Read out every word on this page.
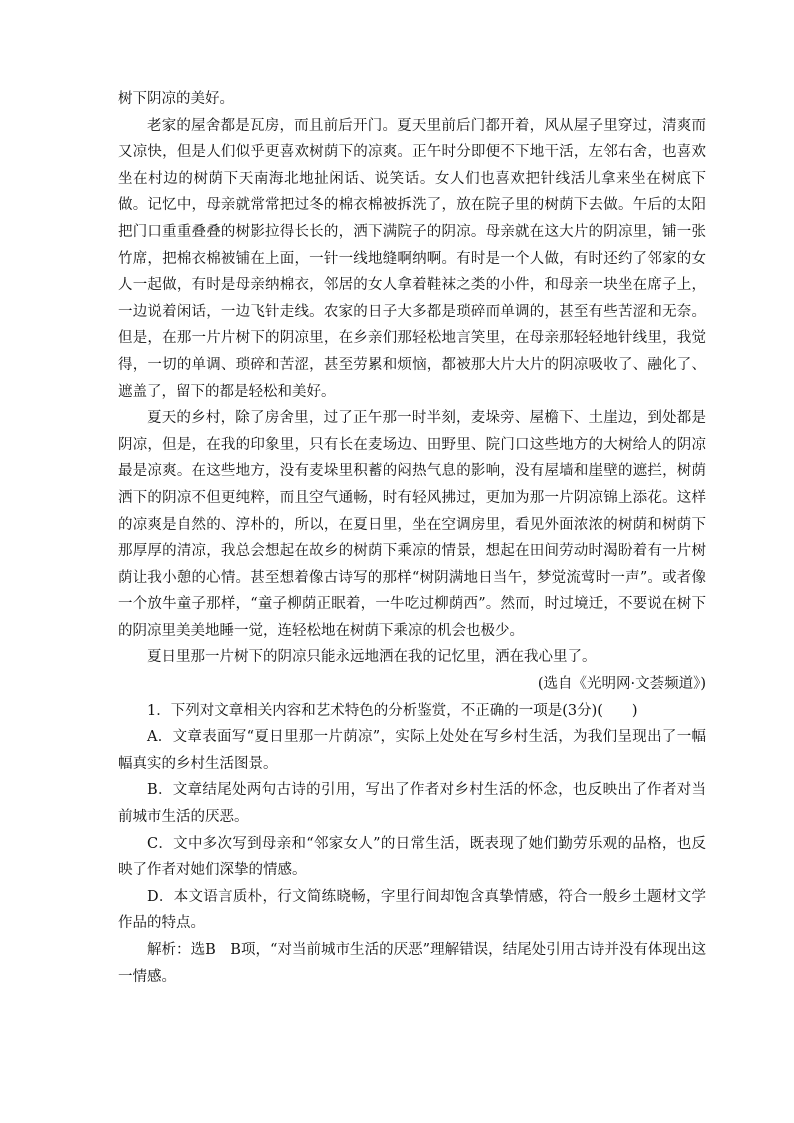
树下阴凉的美好。

老家的屋舍都是瓦房，而且前后开门。夏天里前后门都开着，风从屋子里穿过，清爽而又凉快，但是人们似乎更喜欢树荫下的凉爽。正午时分即便不下地干活，左邻右舍，也喜欢坐在村边的树荫下天南海北地扯闲话、说笑话。女人们也喜欢把针线活儿拿来坐在树底下做。记忆中，母亲就常常把过冬的棉衣棉被拆洗了，放在院子里的树荫下去做。午后的太阳把门口重重叠叠的树影拉得长长的，洒下满院子的阴凉。母亲就在这大片的阴凉里，铺一张竹席，把棉衣棉被铺在上面，一针一线地缝啊纳啊。有时是一个人做，有时还约了邻家的女人一起做，有时是母亲纳棉衣，邻居的女人拿着鞋袜之类的小件，和母亲一块坐在席子上，一边说着闲话，一边飞针走线。农家的日子大多都是琐碎而单调的，甚至有些苦涩和无奈。但是，在那一片片树下的阴凉里，在乡亲们那轻松地言笑里，在母亲那轻轻地针线里，我觉得，一切的单调、琐碎和苦涩，甚至劳累和烦恼，都被那大片大片的阴凉吸收了、融化了、遮盖了，留下的都是轻松和美好。

夏天的乡村，除了房舍里，过了正午那一时半刻，麦垛旁、屋檐下、土崖边，到处都是阴凉，但是，在我的印象里，只有长在麦场边、田野里、院门口这些地方的大树给人的阴凉最是凉爽。在这些地方，没有麦垛里积蓄的闷热气息的影响，没有屋墙和崖壁的遮拦，树荫洒下的阴凉不但更纯粹，而且空气通畅，时有轻风拂过，更加为那一片阴凉锦上添花。这样的凉爽是自然的、淳朴的，所以，在夏日里，坐在空调房里，看见外面浓浓的树荫和树荫下那厚厚的清凉，我总会想起在故乡的树荫下乘凉的情景，想起在田间劳动时渴盼着有一片树荫让我小憩的心情。甚至想着像古诗写的那样“树阴满地日当午，梦觉流莺时一声”。或者像一个放牛童子那样，“童子柳荫正眠着，一牛吃过柳荫西”。然而，时过境迁，不要说在树下的阴凉里美美地睡一觉，连轻松地在树荫下乘凉的机会也极少。

夏日里那一片树下的阴凉只能永远地洒在我的记忆里，洒在我心里了。

(选自《光明网·文荟频道》)

1．下列对文章相关内容和艺术特色的分析鉴赏，不正确的一项是(3分)(　　)

A．文章表面写“夏日里那一片荫凉”，实际上处处在写乡村生活，为我们呈现出了一幅幅真实的乡村生活图景。

B．文章结尾处两句古诗的引用，写出了作者对乡村生活的怀念，也反映出了作者对当前城市生活的厌恶。

C．文中多次写到母亲和“邻家女人”的日常生活，既表现了她们勤劳乐观的品格，也反映了作者对她们深挚的情感。

D．本文语言质朴，行文简练晓畅，字里行间却饱含真挚情感，符合一般乡土题材文学作品的特点。

解析：选B　B项，“对当前城市生活的厌恶”理解错误，结尾处引用古诗并没有体现出这一情感。
